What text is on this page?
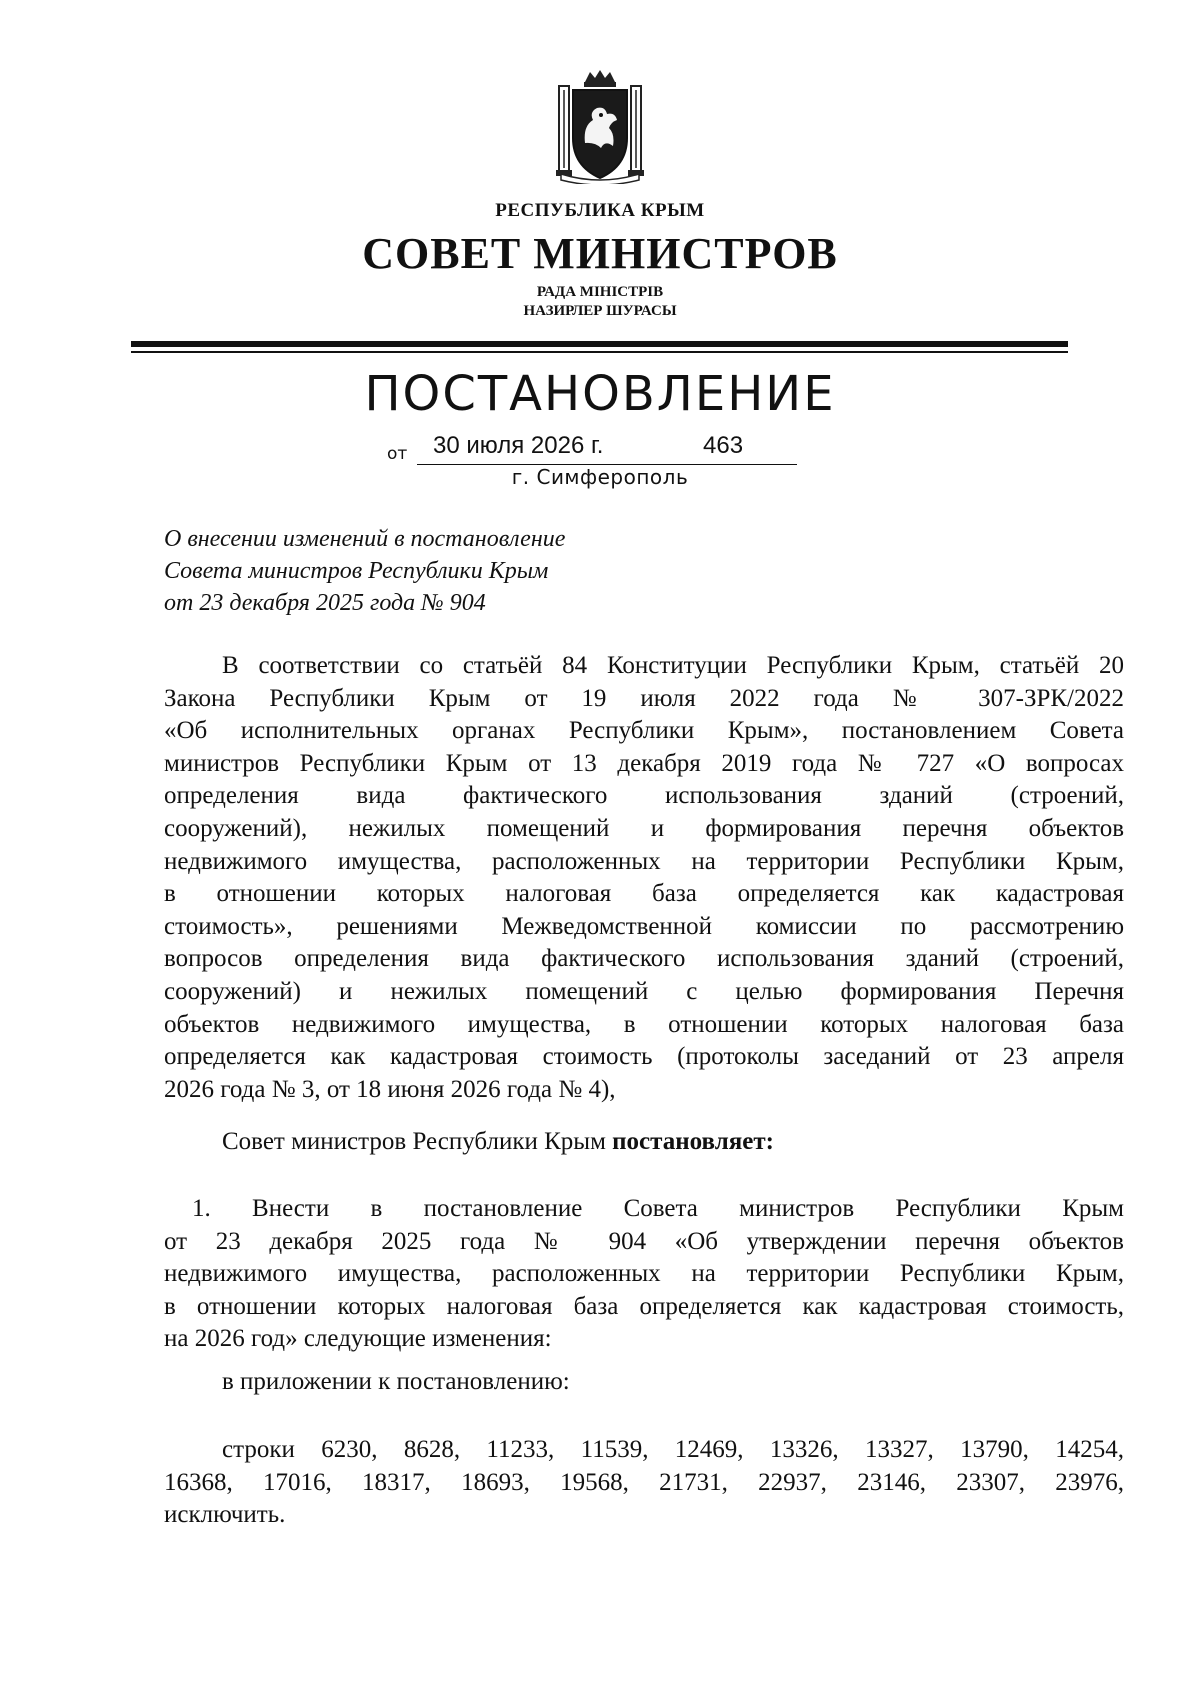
РЕСПУБЛИКА КРЫМ
СОВЕТ МИНИСТРОВ
РАДА МІНІСТРІВ
НАЗИРЛЕР ШУРАСЫ
ПОСТАНОВЛЕНИЕ
от 30 июля 2026 г.	463
г. Симферополь
О внесении изменений в постановление
Совета министров Республики Крым
от 23 декабря 2025 года № 904
В соответствии со статьёй 84 Конституции Республики Крым, статьёй 20
Закона Республики Крым от 19 июля 2022 года № 307-ЗРК/2022
«Об исполнительных органах Республики Крым», постановлением Совета
министров Республики Крым от 13 декабря 2019 года № 727 «О вопросах
определения вида фактического использования зданий (строений,
сооружений), нежилых помещений и формирования перечня объектов
недвижимого имущества, расположенных на территории Республики Крым,
в отношении которых налоговая база определяется как кадастровая
стоимость», решениями Межведомственной комиссии по рассмотрению
вопросов определения вида фактического использования зданий (строений,
сооружений) и нежилых помещений с целью формирования Перечня
объектов недвижимого имущества, в отношении которых налоговая база
определяется как кадастровая стоимость (протоколы заседаний от 23 апреля
2026 года № 3, от 18 июня 2026 года № 4),
Совет министров Республики Крым постановляет:
1. Внести в постановление Совета министров Республики Крым
от 23 декабря 2025 года № 904 «Об утверждении перечня объектов
недвижимого имущества, расположенных на территории Республики Крым,
в отношении которых налоговая база определяется как кадастровая стоимость,
на 2026 год» следующие изменения:
в приложении к постановлению:
строки 6230, 8628, 11233, 11539, 12469, 13326, 13327, 13790, 14254,
16368, 17016, 18317, 18693, 19568, 21731, 22937, 23146, 23307, 23976,
исключить.
